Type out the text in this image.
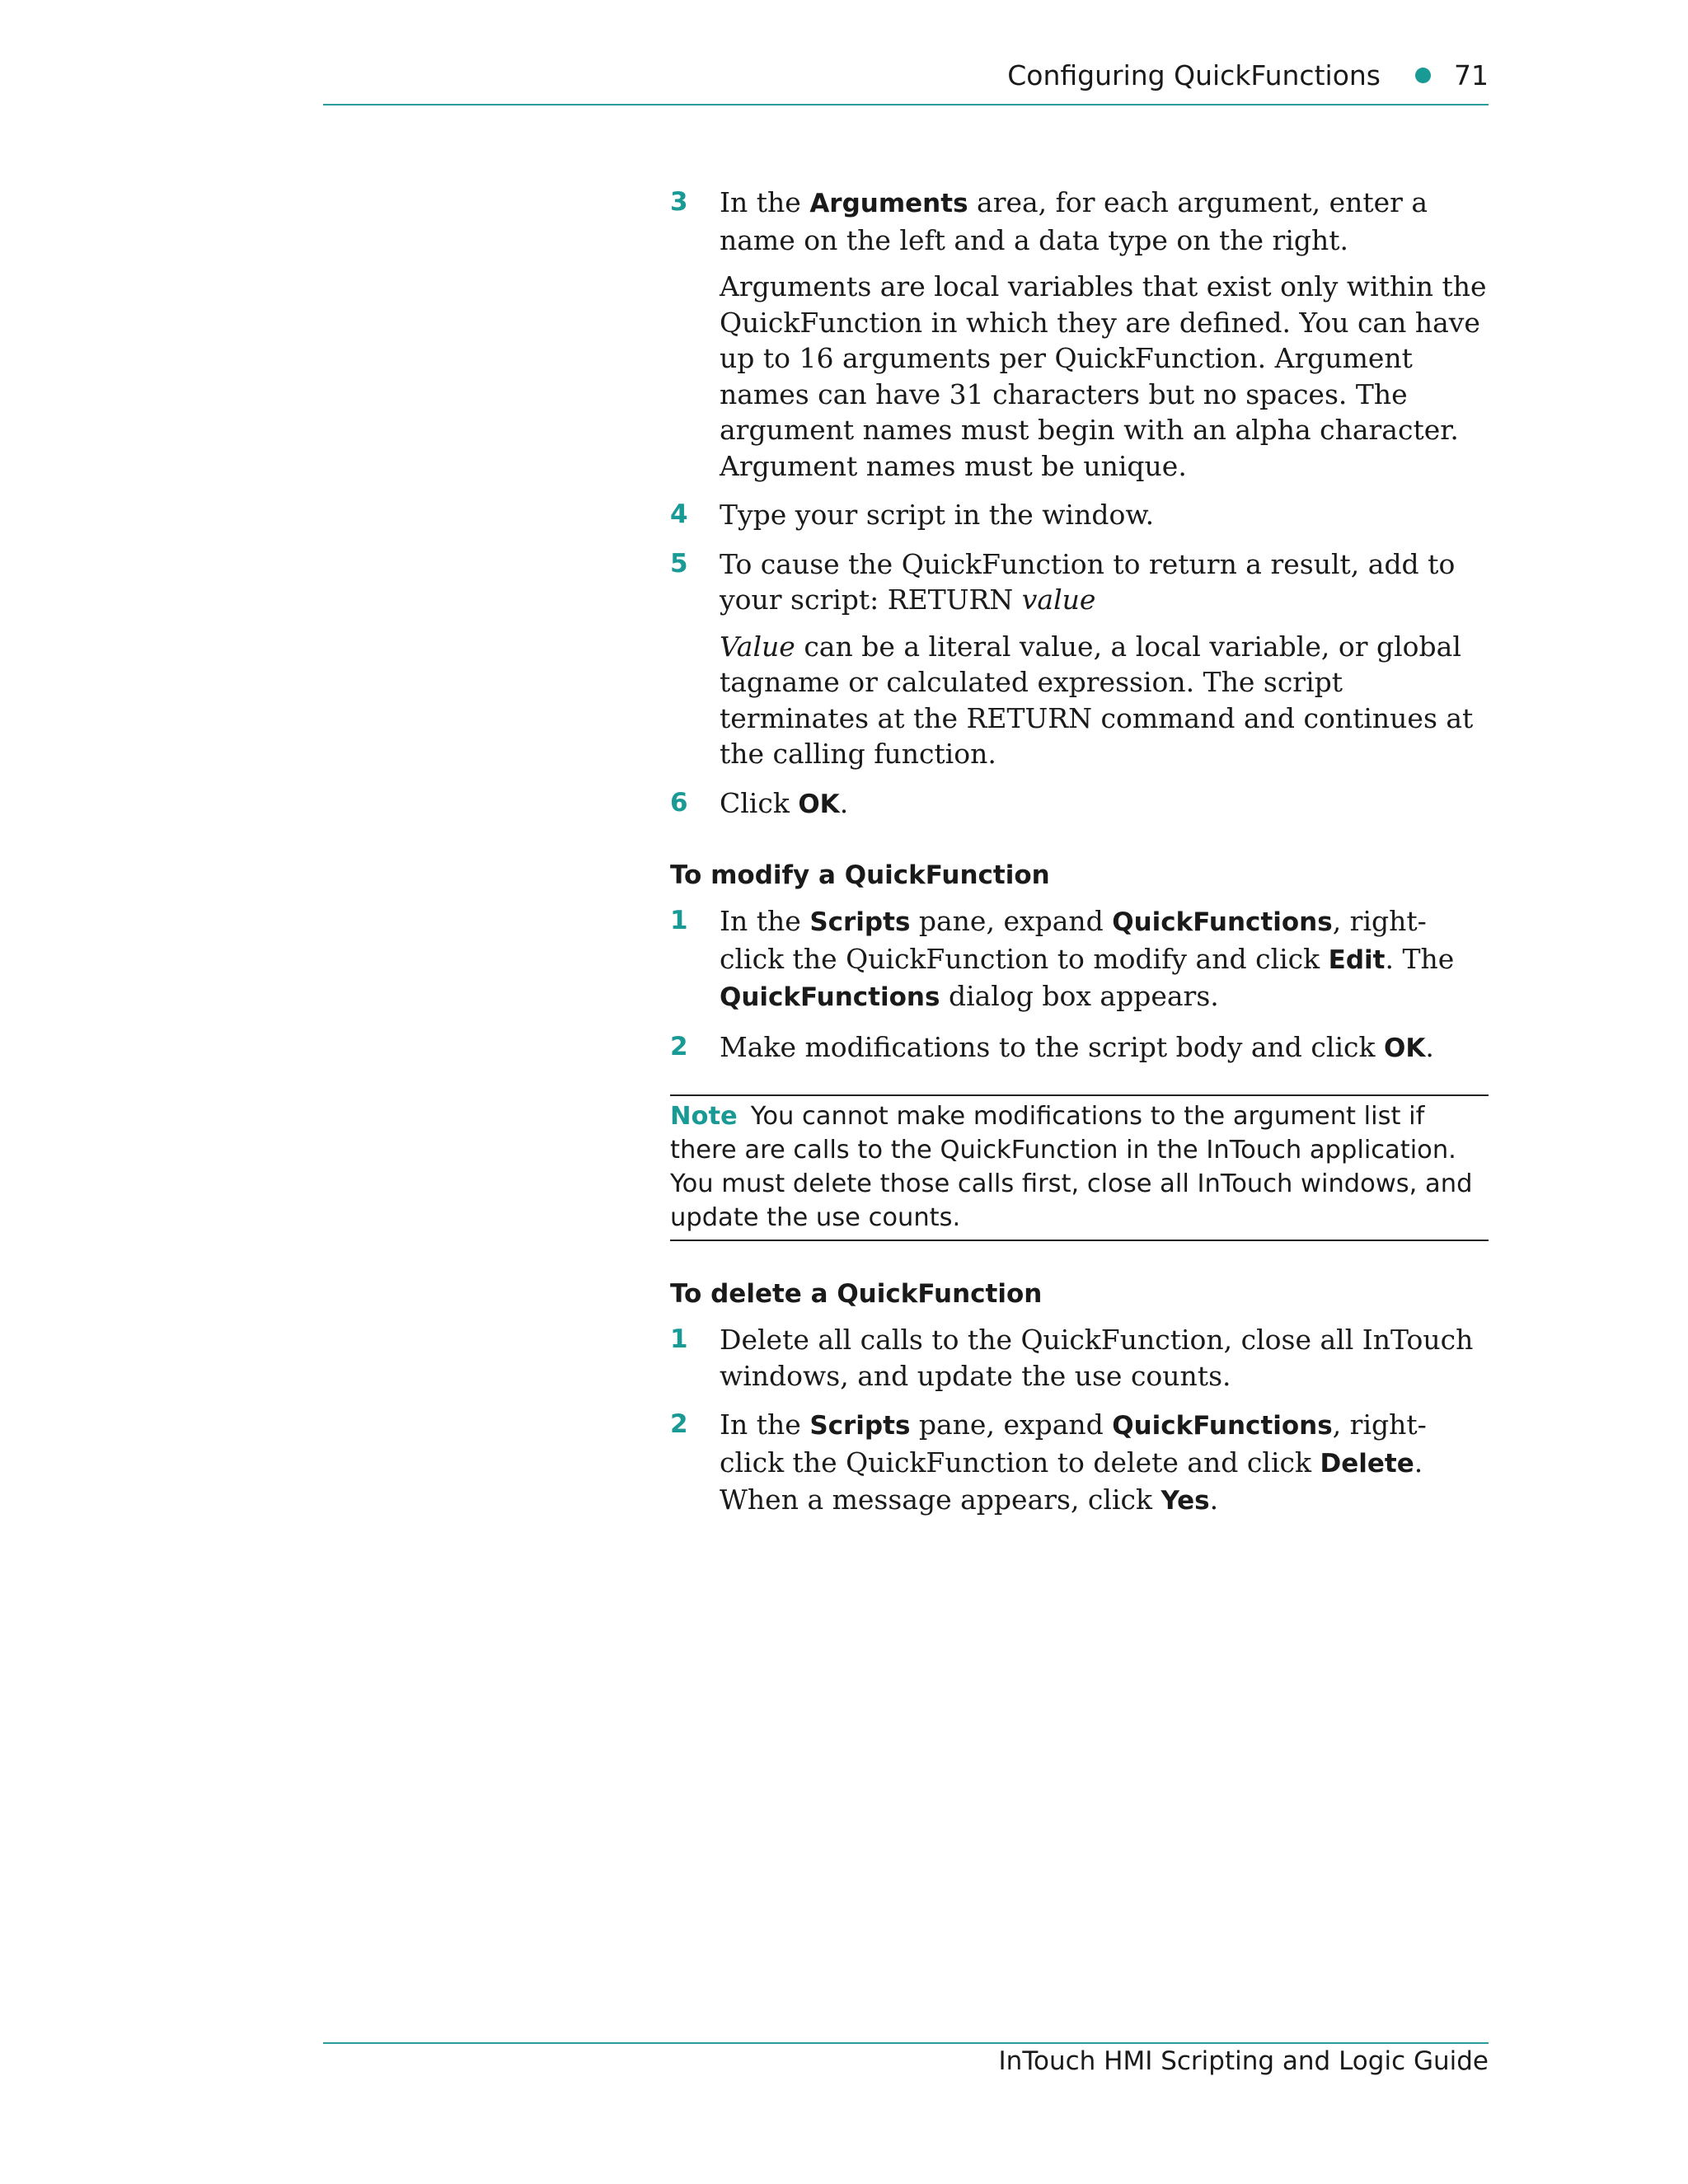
Configuring QuickFunctions	71
3 In the Arguments area, for each argument, enter a name on the left and a data type on the right.

Arguments are local variables that exist only within the QuickFunction in which they are defined. You can have up to 16 arguments per QuickFunction. Argument names can have 31 characters but no spaces. The argument names must begin with an alpha character. Argument names must be unique.

4 Type your script in the window.

5 To cause the QuickFunction to return a result, add to your script: RETURN value

Value can be a literal value, a local variable, or global tagname or calculated expression. The script terminates at the RETURN command and continues at the calling function.

6 Click OK.

To modify a QuickFunction
1 In the Scripts pane, expand QuickFunctions, right-click the QuickFunction to modify and click Edit. The QuickFunctions dialog box appears.

2 Make modifications to the script body and click OK.

Note You cannot make modifications to the argument list if there are calls to the QuickFunction in the InTouch application. You must delete those calls first, close all InTouch windows, and update the use counts.
To delete a QuickFunction
1 Delete all calls to the QuickFunction, close all InTouch windows, and update the use counts.

2 In the Scripts pane, expand QuickFunctions, right-click the QuickFunction to delete and click Delete. When a message appears, click Yes.

InTouch HMI Scripting and Logic Guide
